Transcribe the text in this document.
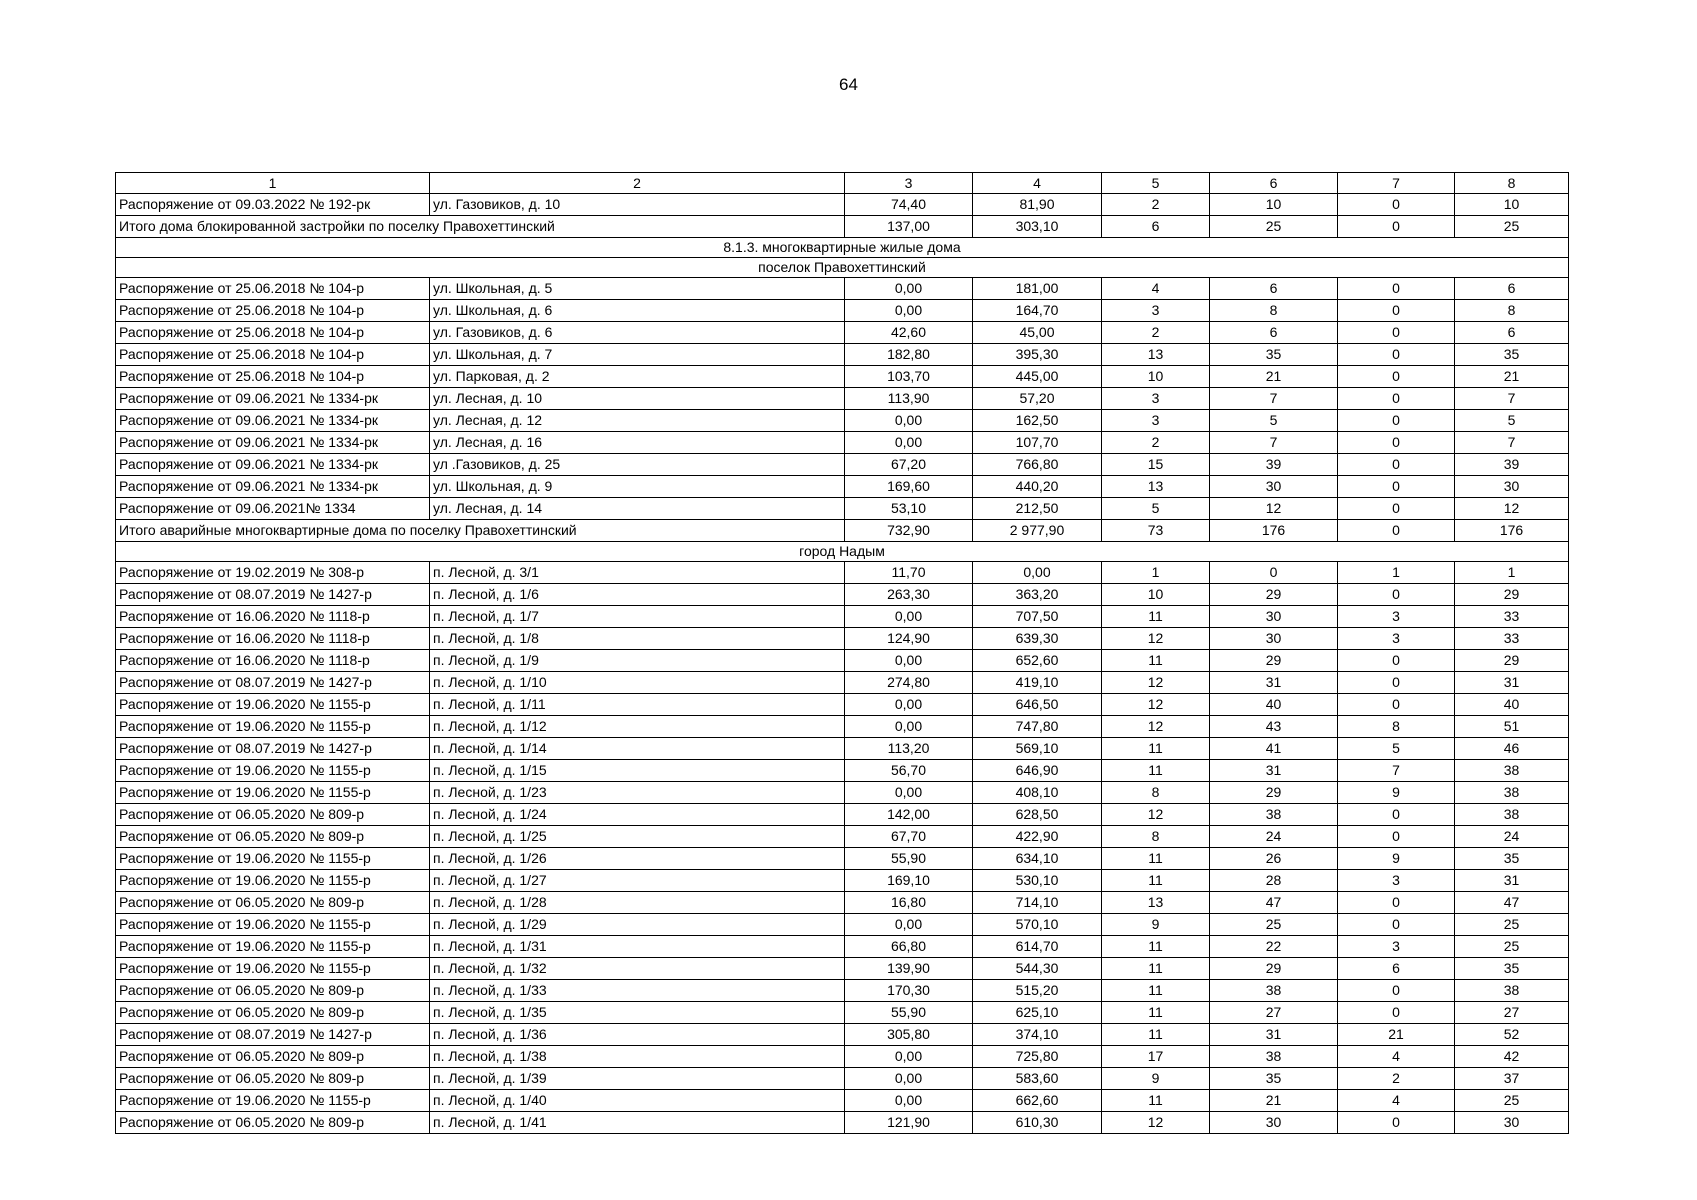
64
1	2	3	4	5	6	7	8
Распоряжение от 09.03.2022 № 192-рк	ул. Газовиков, д. 10	74,40	81,90	2	10	0	10
Итого дома блокированной застройки по поселку Правохеттинский		137,00	303,10	6	25	0	25
8.1.3. многоквартирные жилые дома							
поселок Правохеттинский							
Распоряжение от 25.06.2018 № 104-р	ул. Школьная, д. 5	0,00	181,00	4	6	0	6
Распоряжение от 25.06.2018 № 104-р	ул. Школьная, д. 6	0,00	164,70	3	8	0	8
Распоряжение от 25.06.2018 № 104-р	ул. Газовиков, д. 6	42,60	45,00	2	6	0	6
Распоряжение от 25.06.2018 № 104-р	ул. Школьная, д. 7	182,80	395,30	13	35	0	35
Распоряжение от 25.06.2018 № 104-р	ул. Парковая, д. 2	103,70	445,00	10	21	0	21
Распоряжение от 09.06.2021 № 1334-рк	ул. Лесная, д. 10	113,90	57,20	3	7	0	7
Распоряжение от 09.06.2021 № 1334-рк	ул. Лесная, д. 12	0,00	162,50	3	5	0	5
Распоряжение от 09.06.2021 № 1334-рк	ул. Лесная, д. 16	0,00	107,70	2	7	0	7
Распоряжение от 09.06.2021 № 1334-рк	ул .Газовиков, д. 25	67,20	766,80	15	39	0	39
Распоряжение от 09.06.2021 № 1334-рк	ул. Школьная, д. 9	169,60	440,20	13	30	0	30
Распоряжение от 09.06.2021№ 1334	ул. Лесная, д. 14	53,10	212,50	5	12	0	12
Итого аварийные многоквартирные дома по поселку Правохеттинский		732,90	2 977,90	73	176	0	176
город Надым							
Распоряжение от 19.02.2019 № 308-р	п. Лесной, д. 3/1	11,70	0,00	1	0	1	1
Распоряжение от 08.07.2019 № 1427-р	п. Лесной, д. 1/6	263,30	363,20	10	29	0	29
Распоряжение от 16.06.2020 № 1118-р	п. Лесной, д. 1/7	0,00	707,50	11	30	3	33
Распоряжение от 16.06.2020 № 1118-р	п. Лесной, д. 1/8	124,90	639,30	12	30	3	33
Распоряжение от 16.06.2020 № 1118-р	п. Лесной, д. 1/9	0,00	652,60	11	29	0	29
Распоряжение от 08.07.2019 № 1427-р	п. Лесной, д. 1/10	274,80	419,10	12	31	0	31
Распоряжение от 19.06.2020 № 1155-р	п. Лесной, д. 1/11	0,00	646,50	12	40	0	40
Распоряжение от 19.06.2020 № 1155-р	п. Лесной, д. 1/12	0,00	747,80	12	43	8	51
Распоряжение от 08.07.2019 № 1427-р	п. Лесной, д. 1/14	113,20	569,10	11	41	5	46
Распоряжение от 19.06.2020 № 1155-р	п. Лесной, д. 1/15	56,70	646,90	11	31	7	38
Распоряжение от 19.06.2020 № 1155-р	п. Лесной, д. 1/23	0,00	408,10	8	29	9	38
Распоряжение от 06.05.2020 № 809-р	п. Лесной, д. 1/24	142,00	628,50	12	38	0	38
Распоряжение от 06.05.2020 № 809-р	п. Лесной, д. 1/25	67,70	422,90	8	24	0	24
Распоряжение от 19.06.2020 № 1155-р	п. Лесной, д. 1/26	55,90	634,10	11	26	9	35
Распоряжение от 19.06.2020 № 1155-р	п. Лесной, д. 1/27	169,10	530,10	11	28	3	31
Распоряжение от 06.05.2020 № 809-р	п. Лесной, д. 1/28	16,80	714,10	13	47	0	47
Распоряжение от 19.06.2020 № 1155-р	п. Лесной, д. 1/29	0,00	570,10	9	25	0	25
Распоряжение от 19.06.2020 № 1155-р	п. Лесной, д. 1/31	66,80	614,70	11	22	3	25
Распоряжение от 19.06.2020 № 1155-р	п. Лесной, д. 1/32	139,90	544,30	11	29	6	35
Распоряжение от 06.05.2020 № 809-р	п. Лесной, д. 1/33	170,30	515,20	11	38	0	38
Распоряжение от 06.05.2020 № 809-р	п. Лесной, д. 1/35	55,90	625,10	11	27	0	27
Распоряжение от 08.07.2019 № 1427-р	п. Лесной, д. 1/36	305,80	374,10	11	31	21	52
Распоряжение от 06.05.2020 № 809-р	п. Лесной, д. 1/38	0,00	725,80	17	38	4	42
Распоряжение от 06.05.2020 № 809-р	п. Лесной, д. 1/39	0,00	583,60	9	35	2	37
Распоряжение от 19.06.2020 № 1155-р	п. Лесной, д. 1/40	0,00	662,60	11	21	4	25
Распоряжение от 06.05.2020 № 809-р	п. Лесной, д. 1/41	121,90	610,30	12	30	0	30
